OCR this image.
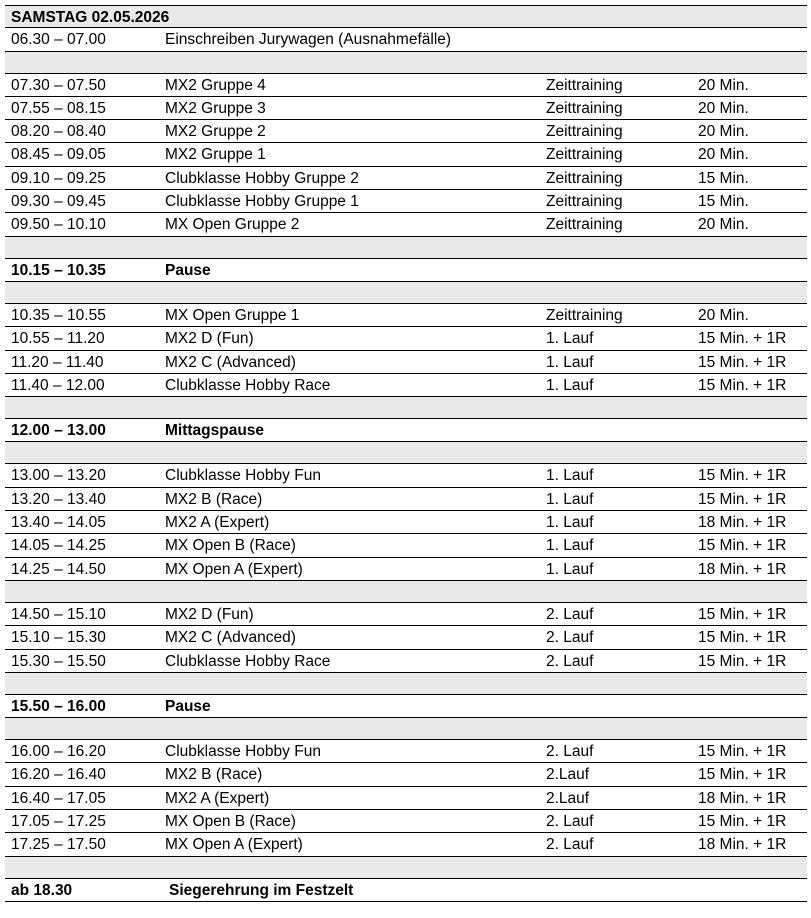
SAMSTAG 02.05.2026
06.30 – 07.00	Einschreiben Jurywagen (Ausnahmefälle)
07.30 – 07.50	MX2 Gruppe 4	Zeittraining	20 Min.
07.55 – 08.15	MX2 Gruppe 3	Zeittraining	20 Min.
08.20 – 08.40	MX2 Gruppe 2	Zeittraining	20 Min.
08.45 – 09.05	MX2 Gruppe 1	Zeittraining	20 Min.
09.10 – 09.25	Clubklasse Hobby Gruppe 2	Zeittraining	15 Min.
09.30 – 09.45	Clubklasse Hobby Gruppe 1	Zeittraining	15 Min.
09.50 – 10.10	MX Open Gruppe 2	Zeittraining	20 Min.
10.15 – 10.35	Pause
10.35 – 10.55	MX Open Gruppe 1	Zeittraining	20 Min.
10.55 – 11.20	MX2 D (Fun)	1. Lauf	15 Min. + 1R
11.20 – 11.40	MX2 C (Advanced)	1. Lauf	15 Min. + 1R
11.40 – 12.00	Clubklasse Hobby Race	1. Lauf	15 Min. + 1R
12.00 – 13.00	Mittagspause
13.00 – 13.20	Clubklasse Hobby Fun	1. Lauf	15 Min. + 1R
13.20 – 13.40	MX2 B (Race)	1. Lauf	15 Min. + 1R
13.40 – 14.05	MX2 A (Expert)	1. Lauf	18 Min. + 1R
14.05 – 14.25	MX Open B (Race)	1. Lauf	15 Min. + 1R
14.25 – 14.50	MX Open A (Expert)	1. Lauf	18 Min. + 1R
14.50 – 15.10	MX2 D (Fun)	2. Lauf	15 Min. + 1R
15.10 – 15.30	MX2 C (Advanced)	2. Lauf	15 Min. + 1R
15.30 – 15.50	Clubklasse Hobby Race	2. Lauf	15 Min. + 1R
15.50 – 16.00	Pause
16.00 – 16.20	Clubklasse Hobby Fun	2. Lauf	15 Min. + 1R
16.20 – 16.40	MX2 B (Race)	2.Lauf	15 Min. + 1R
16.40 – 17.05	MX2 A (Expert)	2.Lauf	18 Min. + 1R
17.05 – 17.25	MX Open B (Race)	2. Lauf	15 Min. + 1R
17.25 – 17.50	MX Open A (Expert)	2. Lauf	18 Min. + 1R
ab 18.30	Siegerehrung im Festzelt
